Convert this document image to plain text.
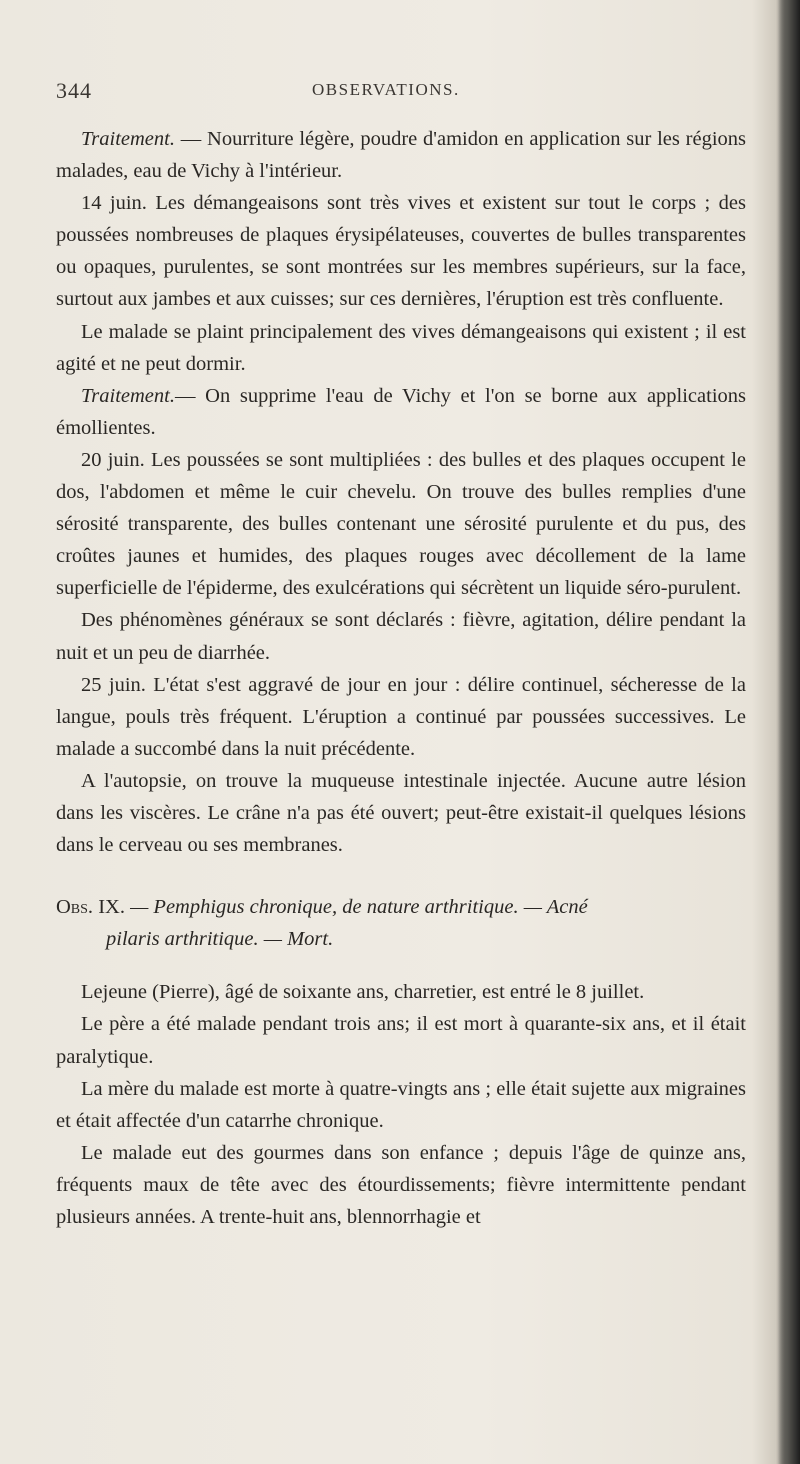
344	OBSERVATIONS.

Traitement. — Nourriture légère, poudre d'amidon en application sur les régions malades, eau de Vichy à l'intérieur.

14 juin. Les démangeaisons sont très vives et existent sur tout le corps ; des poussées nombreuses de plaques érysipélateuses, couvertes de bulles transparentes ou opaques, purulentes, se sont montrées sur les membres supérieurs, sur la face, surtout aux jambes et aux cuisses; sur ces dernières, l'éruption est très confluente.

Le malade se plaint principalement des vives démangeaisons qui existent ; il est agité et ne peut dormir.

Traitement.— On supprime l'eau de Vichy et l'on se borne aux applications émollientes.

20 juin. Les poussées se sont multipliées : des bulles et des plaques occupent le dos, l'abdomen et même le cuir chevelu. On trouve des bulles remplies d'une sérosité transparente, des bulles contenant une sérosité purulente et du pus, des croûtes jaunes et humides, des plaques rouges avec décollement de la lame superficielle de l'épiderme, des exulcérations qui sécrètent un liquide séro-purulent.

Des phénomènes généraux se sont déclarés : fièvre, agitation, délire pendant la nuit et un peu de diarrhée.

25 juin. L'état s'est aggravé de jour en jour : délire continuel, sécheresse de la langue, pouls très fréquent. L'éruption a continué par poussées successives. Le malade a succombé dans la nuit précédente.

A l'autopsie, on trouve la muqueuse intestinale injectée. Aucune autre lésion dans les viscères. Le crâne n'a pas été ouvert; peut-être existait-il quelques lésions dans le cerveau ou ses membranes.

Obs. IX. — Pemphigus chronique, de nature arthritique. — Acné
pilaris arthritique. — Mort.

Lejeune (Pierre), âgé de soixante ans, charretier, est entré le 8 juillet.

Le père a été malade pendant trois ans; il est mort à quarante-six ans, et il était paralytique.

La mère du malade est morte à quatre-vingts ans ; elle était sujette aux migraines et était affectée d'un catarrhe chronique.

Le malade eut des gourmes dans son enfance ; depuis l'âge de quinze ans, fréquents maux de tête avec des étourdissements; fièvre intermittente pendant plusieurs années. A trente-huit ans, blennorrhagie et
